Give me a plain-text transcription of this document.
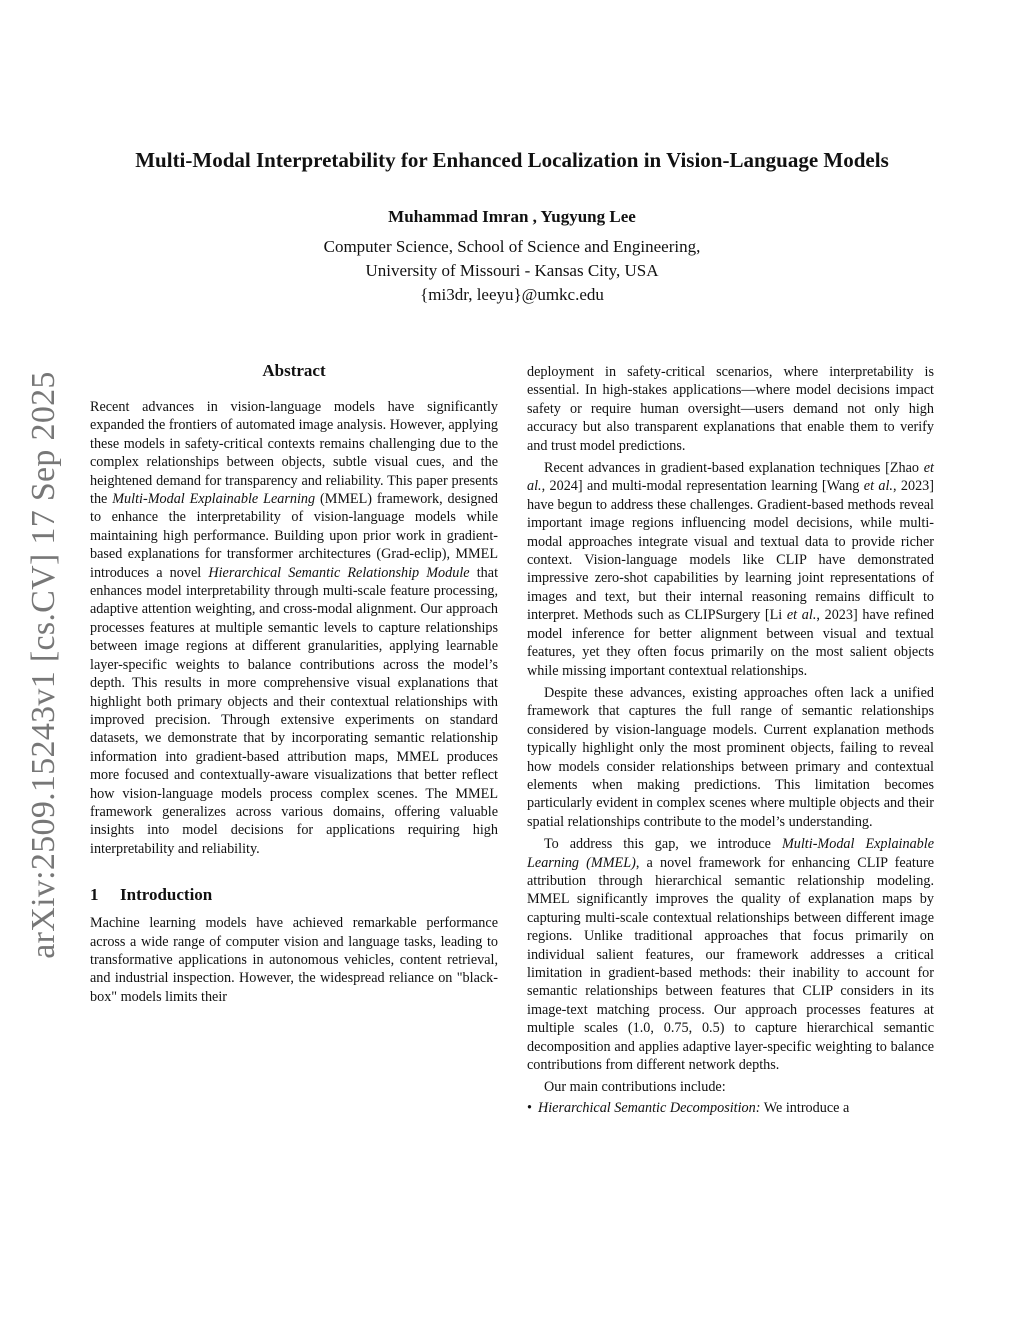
Multi-Modal Interpretability for Enhanced Localization in Vision-Language Models
Muhammad Imran , Yugyung Lee
Computer Science, School of Science and Engineering,
University of Missouri - Kansas City, USA
{mi3dr, leeyu}@umkc.edu
arXiv:2509.15243v1 [cs.CV] 17 Sep 2025
Abstract

Recent advances in vision-language models have significantly expanded the frontiers of automated image analysis. However, applying these models in safety-critical contexts remains challenging due to the complex relationships between objects, subtle visual cues, and the heightened demand for transparency and reliability. This paper presents the Multi-Modal Explainable Learning (MMEL) framework, designed to enhance the interpretability of vision-language models while maintaining high performance. Building upon prior work in gradient-based explanations for transformer architectures (Grad-eclip), MMEL introduces a novel Hierarchical Semantic Relationship Module that enhances model interpretability through multi-scale feature processing, adaptive attention weighting, and cross-modal alignment. Our approach processes features at multiple semantic levels to capture relationships between image regions at different granularities, applying learnable layer-specific weights to balance contributions across the model’s depth. This results in more comprehensive visual explanations that highlight both primary objects and their contextual relationships with improved precision. Through extensive experiments on standard datasets, we demonstrate that by incorporating semantic relationship information into gradient-based attribution maps, MMEL produces more focused and contextually-aware visualizations that better reflect how vision-language models process complex scenes. The MMEL framework generalizes across various domains, offering valuable insights into model decisions for applications requiring high interpretability and reliability.

1 Introduction

Machine learning models have achieved remarkable performance across a wide range of computer vision and language tasks, leading to transformative applications in autonomous vehicles, content retrieval, and industrial inspection. However, the widespread reliance on "black-box" models limits their

deployment in safety-critical scenarios, where interpretability is essential. In high-stakes applications—where model decisions impact safety or require human oversight—users demand not only high accuracy but also transparent explanations that enable them to verify and trust model predictions.

Recent advances in gradient-based explanation techniques [Zhao et al., 2024] and multi-modal representation learning [Wang et al., 2023] have begun to address these challenges. Gradient-based methods reveal important image regions influencing model decisions, while multi-modal approaches integrate visual and textual data to provide richer context. Vision-language models like CLIP have demonstrated impressive zero-shot capabilities by learning joint representations of images and text, but their internal reasoning remains difficult to interpret. Methods such as CLIPSurgery [Li et al., 2023] have refined model inference for better alignment between visual and textual features, yet they often focus primarily on the most salient objects while missing important contextual relationships.

Despite these advances, existing approaches often lack a unified framework that captures the full range of semantic relationships considered by vision-language models. Current explanation methods typically highlight only the most prominent objects, failing to reveal how models consider relationships between primary and contextual elements when making predictions. This limitation becomes particularly evident in complex scenes where multiple objects and their spatial relationships contribute to the model’s understanding.

To address this gap, we introduce Multi-Modal Explainable Learning (MMEL), a novel framework for enhancing CLIP feature attribution through hierarchical semantic relationship modeling. MMEL significantly improves the quality of explanation maps by capturing multi-scale contextual relationships between different image regions. Unlike traditional approaches that focus primarily on individual salient features, our framework addresses a critical limitation in gradient-based methods: their inability to account for semantic relationships between features that CLIP considers in its image-text matching process. Our approach processes features at multiple scales (1.0, 0.75, 0.5) to capture hierarchical semantic decomposition and applies adaptive layer-specific weighting to balance contributions from different network depths.

Our main contributions include:

• Hierarchical Semantic Decomposition: We introduce a
